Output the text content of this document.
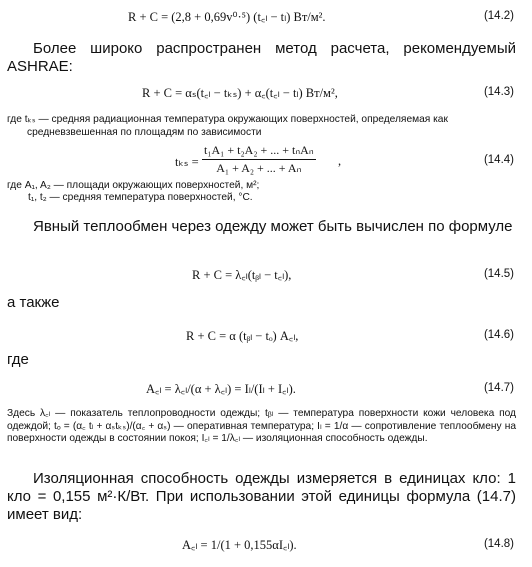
R + C = (2,8 + 0,69v⁰·⁵) (t꜀ₗ − tₗ) Вт/м².	(14.2)
Более широко распространен метод расчета, рекомендуемый ASHRAE:
R + C = αₛ(t꜀ₗ − tₖₛ) + α꜀(t꜀ₗ − tₗ) Вт/м²,	(14.3)
где tₖₛ — средняя радиационная температура окружающих поверхностей, определяемая как средневзвешенная по площадям по зависимости
tₖₛ =
t₁A₁ + t₂A₂ + ... + tₙAₙ
A₁ + A₂ + ... + Aₙ	,	(14.4)
где A₁, A₂ — площади окружающих поверхностей, м²;
t₁, t₂ — средняя температура поверхностей, °С.
Явный теплообмен через одежду может быть вычислен по формуле
R + C = λ꜀ₗ(tᵦₗ − t꜀ₗ),	(14.5)
а также
R + C = α (tᵦₗ − tₒ) A꜀ₗ,	(14.6)
где
A꜀ₗ = λ꜀ₗ/(α + λ꜀ₗ) = Iₗ/(Iₗ + I꜀ₗ).	(14.7)
Здесь λ꜀ₗ — показатель теплопроводности одежды; tᵦₗ — температура поверхности кожи человека под одеждой; tₒ = (α꜀ tₗ + αₛtₖₛ)/(α꜀ + αₛ) — оперативная температура; Iₗ = 1/α — сопротивление теплообмену на поверхности одежды в состоянии покоя; I꜀ₗ = 1/λ꜀ₗ — изоляционная способность одежды.
Изоляционная способность одежды измеряется в единицах кло: 1 кло = 0,155 м²·К/Вт. При использовании этой единицы формула (14.7) имеет вид:
A꜀ₗ = 1/(1 + 0,155αI꜀ₗ).	(14.8)
